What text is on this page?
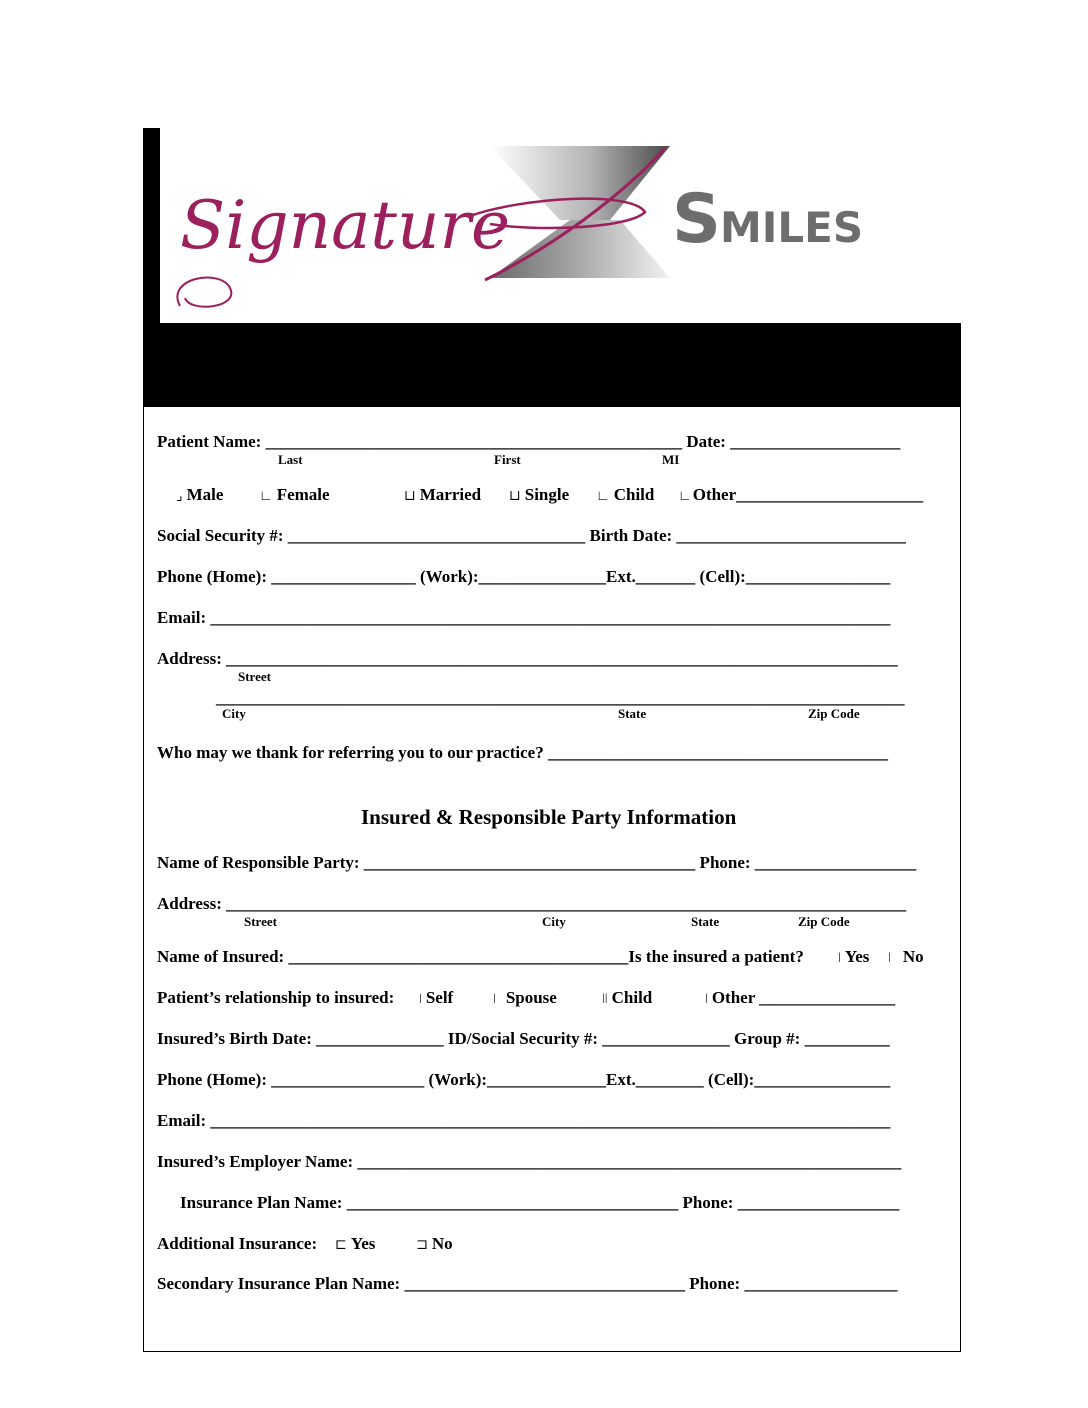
Signature S MILES
Patient Name: _________________________________________________ Date: ____________________
Last	First	MI
⌟ Male	∟ Female	⊔ Married ⊔ Single ∟ Child ∟Other______________________
Social Security #: ___________________________________ Birth Date: ___________________________
Phone (Home): _________________ (Work):_______________Ext._______ (Cell):_________________
Email: ________________________________________________________________________________
Address: _______________________________________________________________________________
Street
_________________________________________________________________________________
City	State	Zip Code
Who may we thank for referring you to our practice? ________________________________________
Insured & Responsible Party Information
Name of Responsible Party: _______________________________________ Phone: ___________________
Address: ________________________________________________________________________________
Street	City	State	Zip Code
Name of Insured: ________________________________________Is the insured a patient? ǀ Yes ǀ No
Patient’s relationship to insured: ǀ Self	ǀ Spouse	ǀǀ Child	ǀ Other ________________
Insured’s Birth Date: _______________ ID/Social Security #: _______________ Group #: __________
Phone (Home): __________________ (Work):______________Ext.________ (Cell):________________
Email: ________________________________________________________________________________
Insured’s Employer Name: ________________________________________________________________
Insurance Plan Name: _______________________________________ Phone: ___________________
Additional Insurance: ⊏ Yes	⊐ No
Secondary Insurance Plan Name: _________________________________ Phone: __________________
